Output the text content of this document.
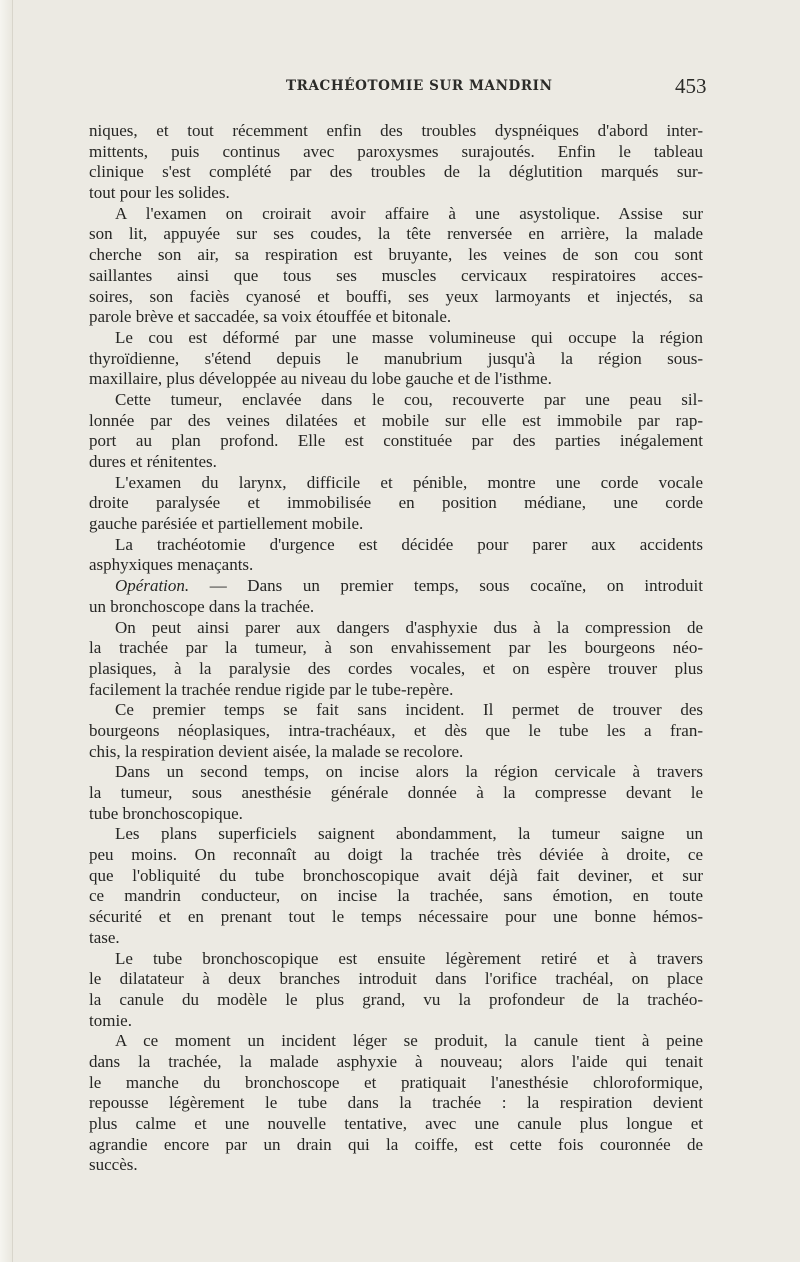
TRACHÉOTOMIE SUR MANDRIN	453
niques, et tout récemment enfin des troubles dyspnéiques d'abord inter-
mittents, puis continus avec paroxysmes surajoutés. Enfin le tableau
clinique s'est complété par des troubles de la déglutition marqués sur-
tout pour les solides.
A l'examen on croirait avoir affaire à une asystolique. Assise sur
son lit, appuyée sur ses coudes, la tête renversée en arrière, la malade
cherche son air, sa respiration est bruyante, les veines de son cou sont
saillantes ainsi que tous ses muscles cervicaux respiratoires acces-
soires, son faciès cyanosé et bouffi, ses yeux larmoyants et injectés, sa
parole brève et saccadée, sa voix étouffée et bitonale.
Le cou est déformé par une masse volumineuse qui occupe la région
thyroïdienne, s'étend depuis le manubrium jusqu'à la région sous-
maxillaire, plus développée au niveau du lobe gauche et de l'isthme.
Cette tumeur, enclavée dans le cou, recouverte par une peau sil-
lonnée par des veines dilatées et mobile sur elle est immobile par rap-
port au plan profond. Elle est constituée par des parties inégalement
dures et rénitentes.
L'examen du larynx, difficile et pénible, montre une corde vocale
droite paralysée et immobilisée en position médiane, une corde
gauche parésiée et partiellement mobile.
La trachéotomie d'urgence est décidée pour parer aux accidents
asphyxiques menaçants.
Opération. — Dans un premier temps, sous cocaïne, on introduit
un bronchoscope dans la trachée.
On peut ainsi parer aux dangers d'asphyxie dus à la compression de
la trachée par la tumeur, à son envahissement par les bourgeons néo-
plasiques, à la paralysie des cordes vocales, et on espère trouver plus
facilement la trachée rendue rigide par le tube-repère.
Ce premier temps se fait sans incident. Il permet de trouver des
bourgeons néoplasiques, intra-trachéaux, et dès que le tube les a fran-
chis, la respiration devient aisée, la malade se recolore.
Dans un second temps, on incise alors la région cervicale à travers
la tumeur, sous anesthésie générale donnée à la compresse devant le
tube bronchoscopique.
Les plans superficiels saignent abondamment, la tumeur saigne un
peu moins. On reconnaît au doigt la trachée très déviée à droite, ce
que l'obliquité du tube bronchoscopique avait déjà fait deviner, et sur
ce mandrin conducteur, on incise la trachée, sans émotion, en toute
sécurité et en prenant tout le temps nécessaire pour une bonne hémos-
tase.
Le tube bronchoscopique est ensuite légèrement retiré et à travers
le dilatateur à deux branches introduit dans l'orifice trachéal, on place
la canule du modèle le plus grand, vu la profondeur de la trachéo-
tomie.
A ce moment un incident léger se produit, la canule tient à peine
dans la trachée, la malade asphyxie à nouveau; alors l'aide qui tenait
le manche du bronchoscope et pratiquait l'anesthésie chloroformique,
repousse légèrement le tube dans la trachée : la respiration devient
plus calme et une nouvelle tentative, avec une canule plus longue et
agrandie encore par un drain qui la coiffe, est cette fois couronnée de
succès.
